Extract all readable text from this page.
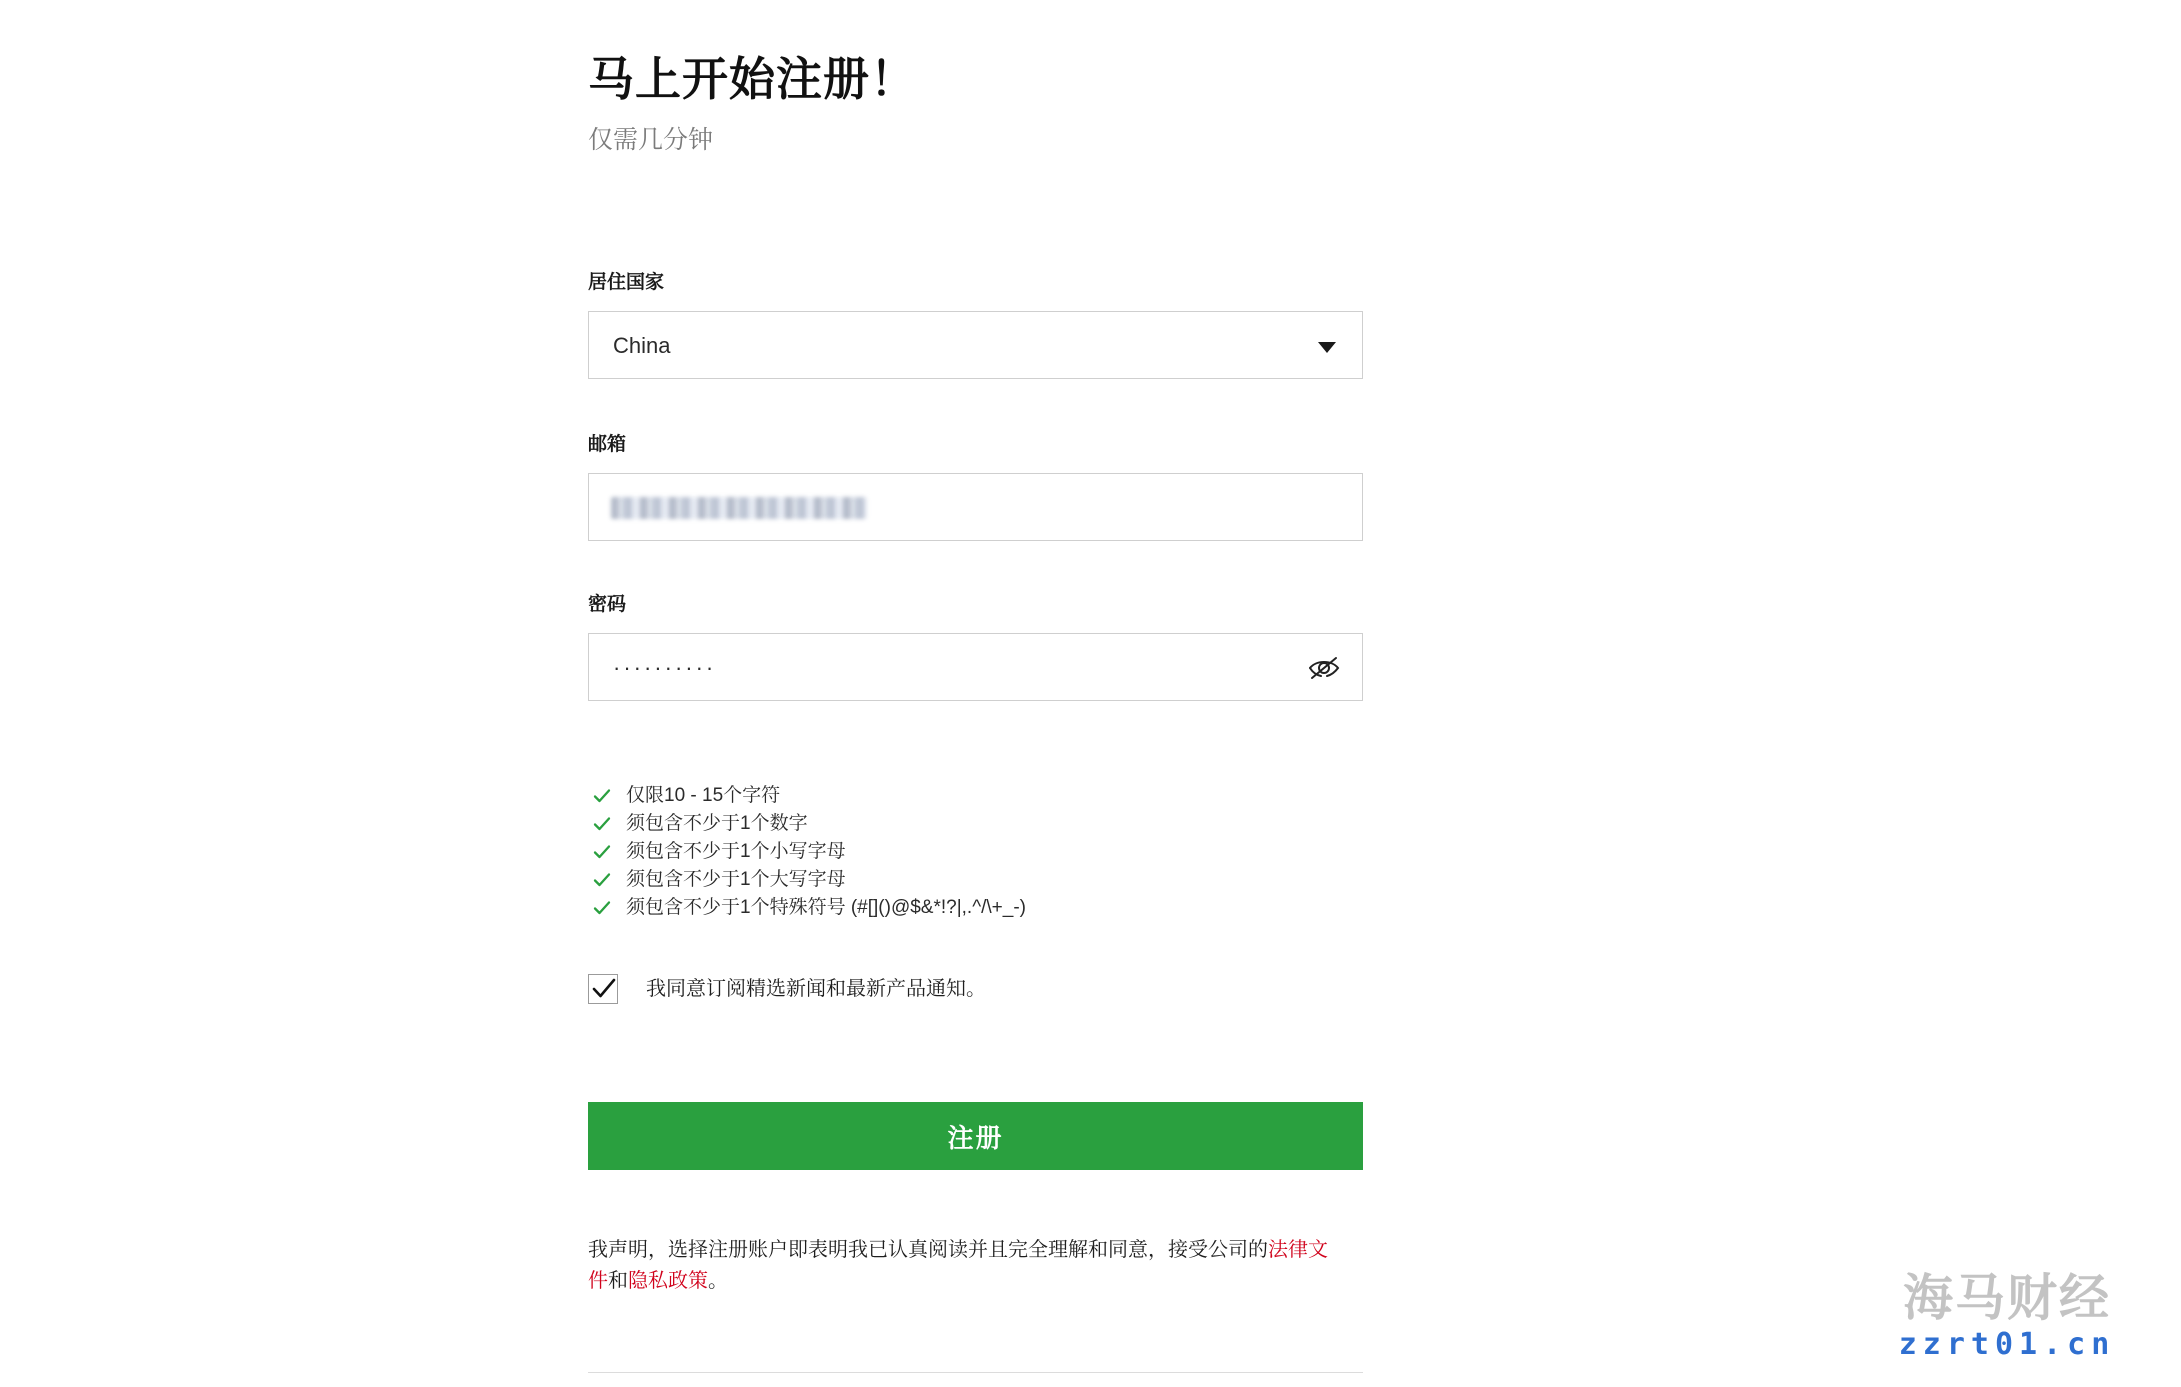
马上开始注册！

仅需几分钟

居住国家
China
邮箱
密码
··········
仅限10 - 15个字符
须包含不少于1个数字
须包含不少于1个小写字母
须包含不少于1个大写字母
须包含不少于1个特殊符号 (#[]()@$&*!?|,.^/\+_-)
我同意订阅精选新闻和最新产品通知。
注册
我声明，选择注册账户即表明我已认真阅读并且完全理解和同意，接受公司的法律文件和隐私政策。	海马财经
zzrt01.cn
